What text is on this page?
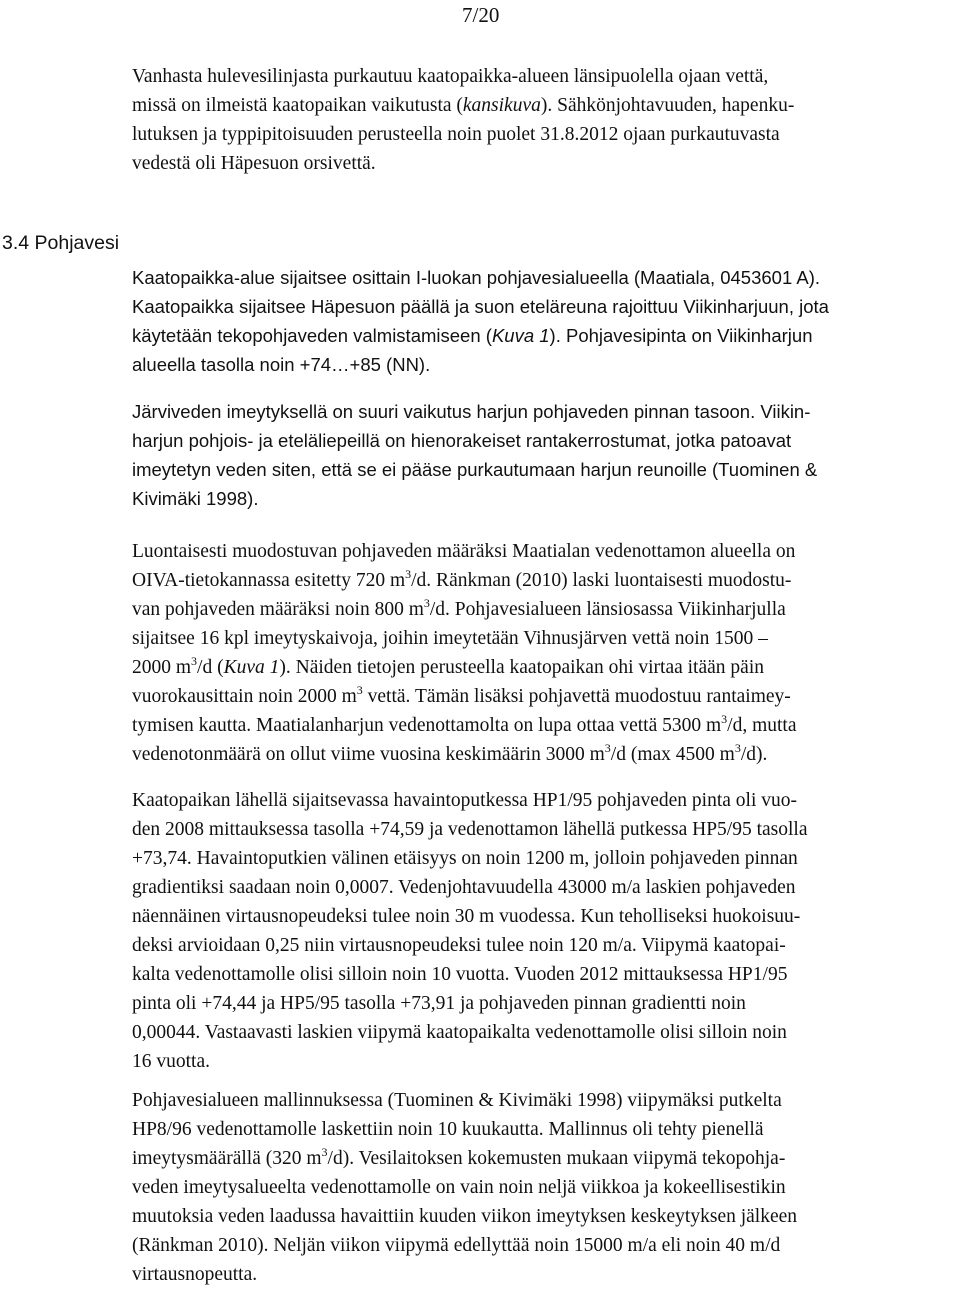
7/20

Vanhasta hulevesilinjasta purkautuu kaatopaikka-alueen länsipuolella ojaan vettä,
missä on ilmeistä kaatopaikan vaikutusta (kansikuva). Sähkönjohtavuuden, hapenku-
lutuksen ja typpipitoisuuden perusteella noin puolet 31.8.2012 ojaan purkautuvasta
vedestä oli Häpesuon orsivettä.

3.4 Pohjavesi

Kaatopaikka-alue sijaitsee osittain I-luokan pohjavesialueella (Maatiala, 0453601 A).
Kaatopaikka sijaitsee Häpesuon päällä ja suon eteläreuna rajoittuu Viikinharjuun, jota
käytetään tekopohjaveden valmistamiseen (Kuva 1). Pohjavesipinta on Viikinharjun
alueella tasolla noin +74…+85 (NN).

Järviveden imeytyksellä on suuri vaikutus harjun pohjaveden pinnan tasoon. Viikin-
harjun pohjois- ja eteläliepeillä on hienorakeiset rantakerrostumat, jotka patoavat
imeytetyn veden siten, että se ei pääse purkautumaan harjun reunoille (Tuominen &
Kivimäki 1998).

Luontaisesti muodostuvan pohjaveden määräksi Maatialan vedenottamon alueella on
OIVA-tietokannassa esitetty 720 $m^3/d$. Ränkman (2010) laski luontaisesti muodostu-
van pohjaveden määräksi noin 800 $m^3/d$. Pohjavesialueen länsiosassa Viikinharjulla
sijaitsee 16 kpl imeytyskaivoja, joihin imeytetään Vihnusjärven vettä noin 1500 –
2000 $m^3/d$ (Kuva 1). Näiden tietojen perusteella kaatopaikan ohi virtaa itään päin
vuorokausittain noin 2000 $m^3$ vettä. Tämän lisäksi pohjavettä muodostuu rantaimey-
tymisen kautta. Maatialanharjun vedenottamolta on lupa ottaa vettä 5300 $m^3/d$, mutta
vedenotonmäärä on ollut viime vuosina keskimäärin 3000 $m^3/d$ (max 4500 $m^3/d$).

Kaatopaikan lähellä sijaitsevassa havaintoputkessa HP1/95 pohjaveden pinta oli vuo-
den 2008 mittauksessa tasolla +74,59 ja vedenottamon lähellä putkessa HP5/95 tasolla
+73,74. Havaintoputkien välinen etäisyys on noin 1200 m, jolloin pohjaveden pinnan
gradientiksi saadaan noin 0,0007. Vedenjohtavuudella 43000 m/a laskien pohjaveden
näennäinen virtausnopeudeksi tulee noin 30 m vuodessa. Kun teholliseksi huokoisuu-
deksi arvioidaan 0,25 niin virtausnopeudeksi tulee noin 120 m/a. Viipymä kaatopai-
kalta vedenottamolle olisi silloin noin 10 vuotta. Vuoden 2012 mittauksessa HP1/95
pinta oli +74,44 ja HP5/95 tasolla +73,91 ja pohjaveden pinnan gradientti noin
0,00044. Vastaavasti laskien viipymä kaatopaikalta vedenottamolle olisi silloin noin
16 vuotta.

Pohjavesialueen mallinnuksessa (Tuominen & Kivimäki 1998) viipymäksi putkelta
HP8/96 vedenottamolle laskettiin noin 10 kuukautta. Mallinnus oli tehty pienellä
imeytysmäärällä (320 $m^3/d$). Vesilaitoksen kokemusten mukaan viipymä tekopohja-
veden imeytysalueelta vedenottamolle on vain noin neljä viikkoa ja kokeellisestikin
muutoksia veden laadussa havaittiin kuuden viikon imeytyksen keskeytyksen jälkeen
(Ränkman 2010). Neljän viikon viipymä edellyttää noin 15000 m/a eli noin 40 m/d
virtausnopeutta.
